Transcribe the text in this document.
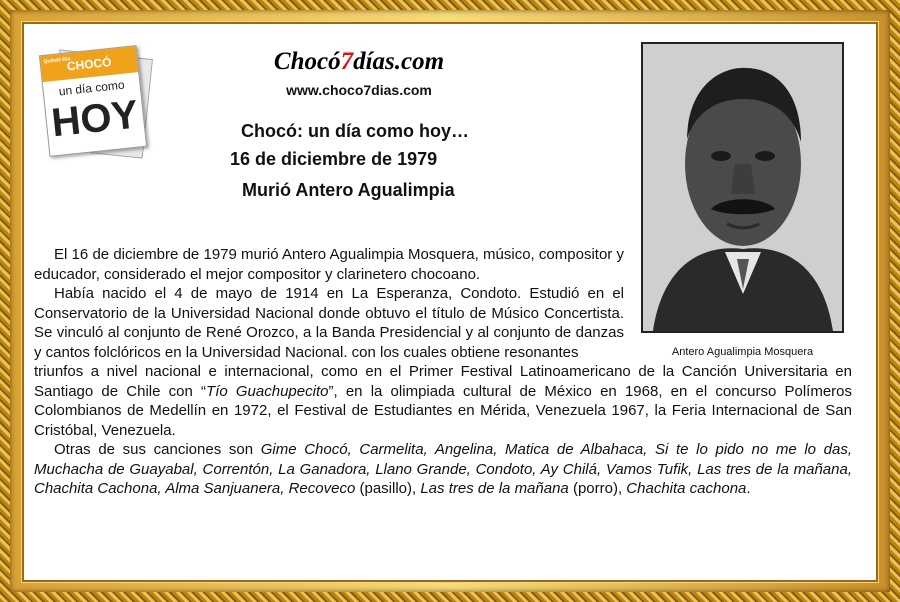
Quibdó Bta
CHOCÓ
un día como
HOY
Chocó7días.com
www.choco7dias.com
Chocó: un día como hoy…
16 de diciembre de 1979
Murió Antero Agualimpia
Antero Agualimpia Mosquera

El 16 de diciembre de 1979 murió Antero Agualimpia Mosquera, músico, compositor y educador, considerado el mejor compositor y clarinetero chocoano.

Había nacido el 4 de mayo de 1914 en La Esperanza, Condoto. Estudió en el Conservatorio de la Universidad Nacional donde obtuvo el título de Músico Concertista. Se vinculó al conjunto de René Orozco, a la Banda Presidencial y al conjunto de danzas y cantos folclóricos en la Universidad Nacional. con los cuales obtiene resonantes

triunfos a nivel nacional e internacional, como en el Primer Festival Latinoamericano de la Canción Universitaria en Santiago de Chile con “Tío Guachupecito”, en la olimpiada cultural de México en 1968, en el concurso Polímeros Colombianos de Medellín en 1972, el Festival de Estudiantes en Mérida, Venezuela 1967, la Feria Internacional de San Cristóbal, Venezuela.

Otras de sus canciones son Gime Chocó, Carmelita, Angelina, Matica de Albahaca, Si te lo pido no me lo das, Muchacha de Guayabal, Correntón, La Ganadora, Llano Grande, Condoto, Ay Chilá, Vamos Tufik, Las tres de la mañana, Chachita Cachona, Alma Sanjuanera, Recoveco (pasillo), Las tres de la mañana (porro), Chachita cachona.
